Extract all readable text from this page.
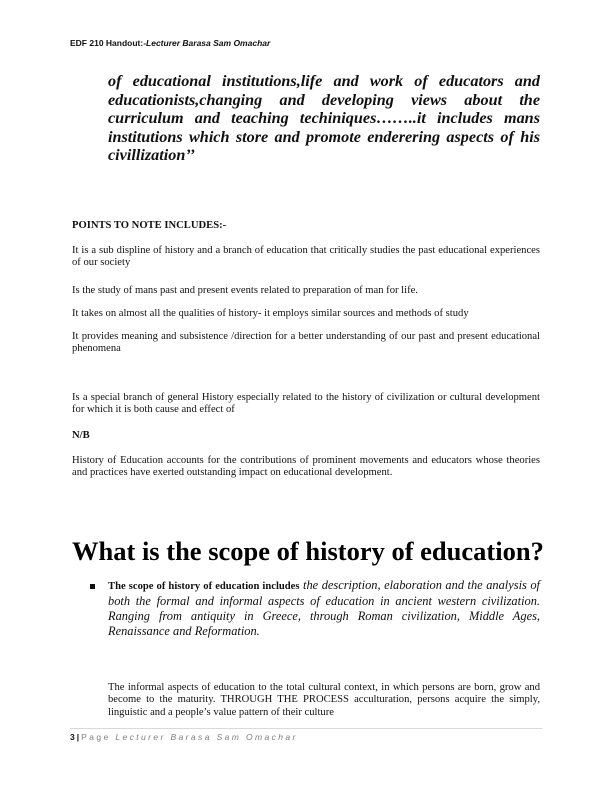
EDF 210 Handout:-Lecturer Barasa Sam Omachar
of educational institutions,life and work of educators and educationists,changing and developing views about the curriculum and teaching techiniques……..it includes mans institutions which store and promote enderering aspects of his civillization’’
POINTS TO NOTE INCLUDES:-
It is a sub displine of history and a branch of education that critically studies the past educational experiences of our society
Is the study of mans past and present events related to preparation of man for life.
It takes on almost all the qualities of history- it employs similar sources and methods of study
It provides meaning and subsistence /direction for a better understanding of our past and present educational phenomena
Is a special branch of general History especially related to the history of civilization or cultural development for which it is both cause and effect of
N/B
History of Education accounts for the contributions of prominent movements and educators whose theories and practices have exerted outstanding impact on educational development.
What is the scope of history of education?
The scope of history of education includes the description, elaboration and the analysis of both the formal and informal aspects of education in ancient western civilization. Ranging from antiquity in Greece, through Roman civilization, Middle Ages, Renaissance and Reformation.
The informal aspects of education to the total cultural context, in which persons are born, grow and become to the maturity. THROUGH THE PROCESS acculturation, persons acquire the simply, linguistic and a people’s value pattern of their culture
3 | Page Lecturer Barasa Sam Omachar
